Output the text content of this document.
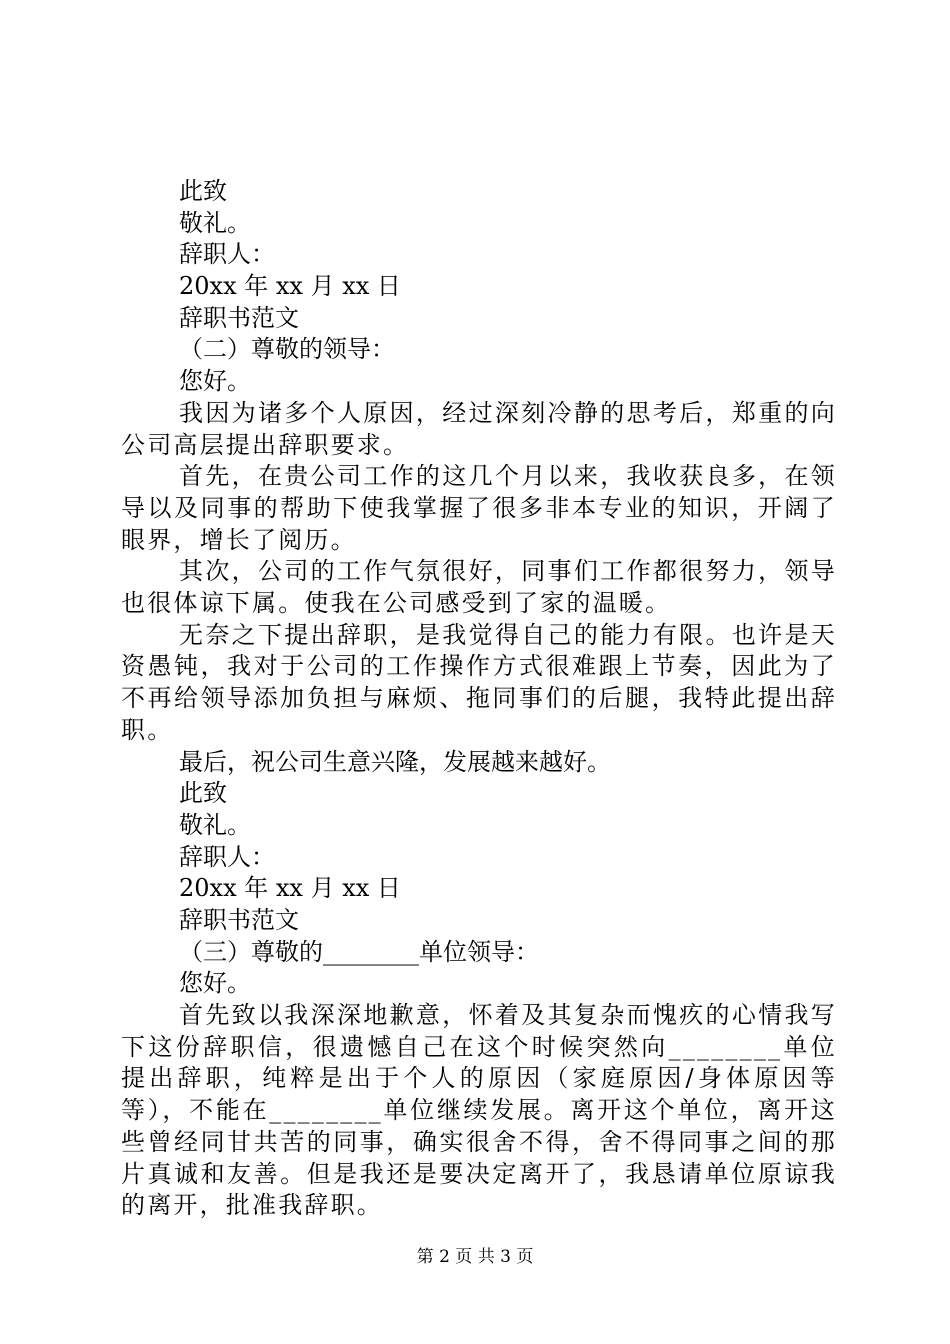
此致
敬礼。
辞职人：
20xx 年 xx 月 xx 日
辞职书范文
（二）尊敬的领导：
您好。
我因为诸多个人原因，经过深刻冷静的思考后，郑重的向公司高层提出辞职要求。
首先，在贵公司工作的这几个月以来，我收获良多，在领导以及同事的帮助下使我掌握了很多非本专业的知识，开阔了眼界，增长了阅历。
其次，公司的工作气氛很好，同事们工作都很努力，领导也很体谅下属。使我在公司感受到了家的温暖。
无奈之下提出辞职，是我觉得自己的能力有限。也许是天资愚钝，我对于公司的工作操作方式很难跟上节奏，因此为了不再给领导添加负担与麻烦、拖同事们的后腿，我特此提出辞职。
最后，祝公司生意兴隆，发展越来越好。
此致
敬礼。
辞职人：
20xx 年 xx 月 xx 日
辞职书范文
（三）尊敬的________单位领导：
您好。
首先致以我深深地歉意，怀着及其复杂而愧疚的心情我写下这份辞职信，很遗憾自己在这个时候突然向________单位提出辞职，纯粹是出于个人的原因（家庭原因/身体原因等等），不能在________单位继续发展。离开这个单位，离开这些曾经同甘共苦的同事，确实很舍不得，舍不得同事之间的那片真诚和友善。但是我还是要决定离开了，我恳请单位原谅我的离开，批准我辞职。
第 2 页 共 3 页
